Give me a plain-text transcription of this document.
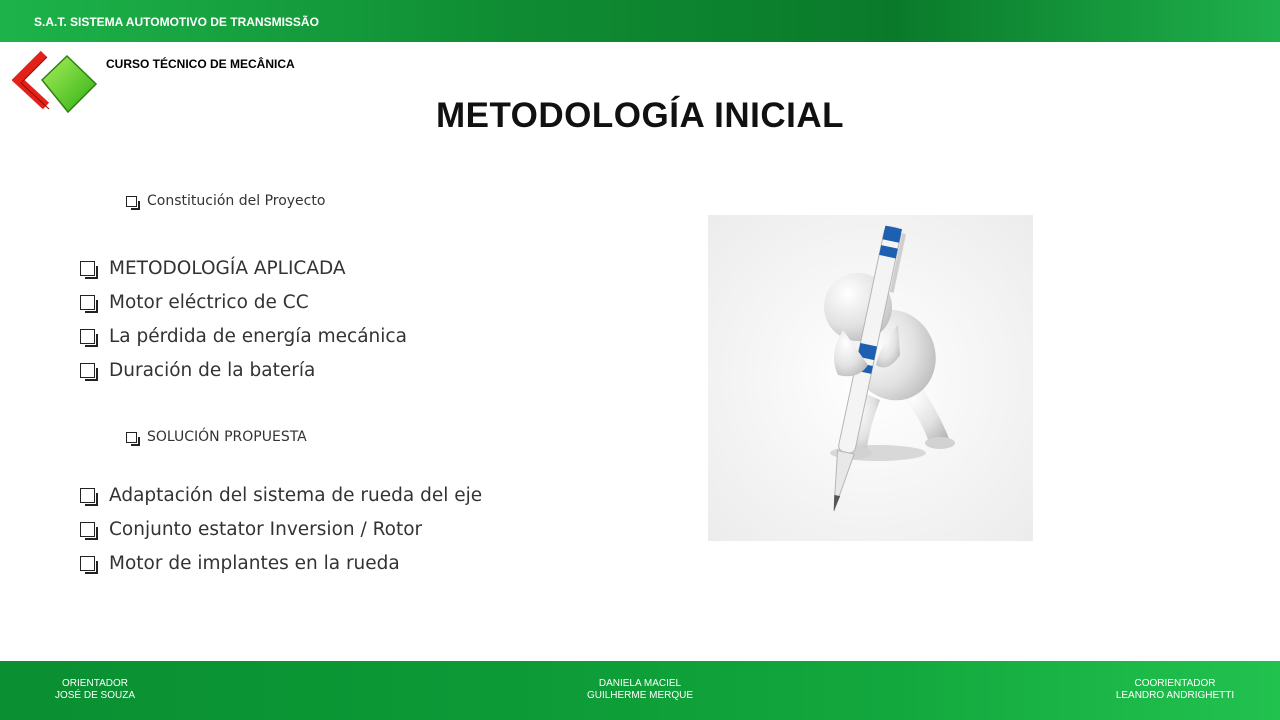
S.A.T. SISTEMA AUTOMOTIVO DE TRANSMISSÃO
CURSO TÉCNICO DE MECÂNICA
METODOLOGÍA INICIAL
Constitución del Proyecto
METODOLOGÍA APLICADA
Motor eléctrico de CC
La pérdida de energía mecánica
Duración de la batería
SOLUCIÓN PROPUESTA
Adaptación del sistema de rueda del eje
Conjunto estator Inversion / Rotor
Motor de implantes en la rueda
ORIENTADOR
JOSÉ DE SOUZA
DANIELA MACIEL
GUILHERME MERQUE
COORIENTADOR
LEANDRO ANDRIGHETTI
